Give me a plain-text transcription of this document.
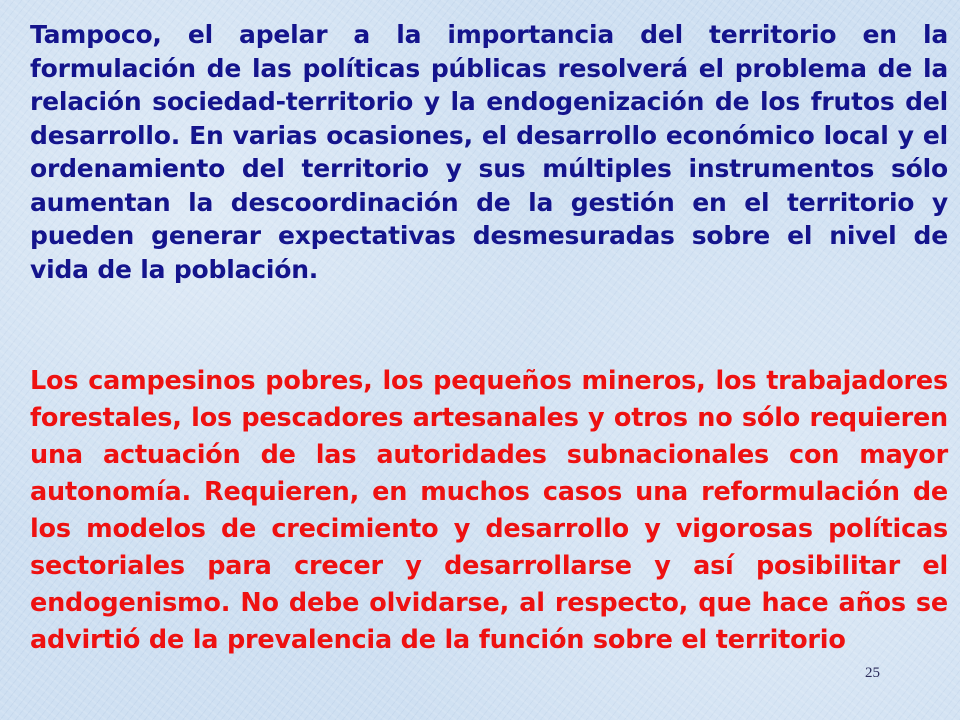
Tampoco, el apelar a la importancia del territorio en la formulación de las políticas públicas resolverá el problema de la relación sociedad-territorio y la endogenización de los frutos del desarrollo. En varias ocasiones, el desarrollo económico local y el ordenamiento del territorio y sus múltiples instrumentos sólo aumentan la descoordinación de la gestión en el territorio y pueden generar expectativas desmesuradas sobre el nivel de vida de la población.

Los campesinos pobres, los pequeños mineros, los trabajadores forestales, los pescadores artesanales y otros no sólo requieren una actuación de las autoridades subnacionales con mayor autonomía. Requieren, en muchos casos una reformulación de los modelos de crecimiento y desarrollo y vigorosas políticas sectoriales para crecer y desarrollarse y así posibilitar el endogenismo. No debe olvidarse, al respecto, que hace años se advirtió de la prevalencia de la función sobre el territorio

25
